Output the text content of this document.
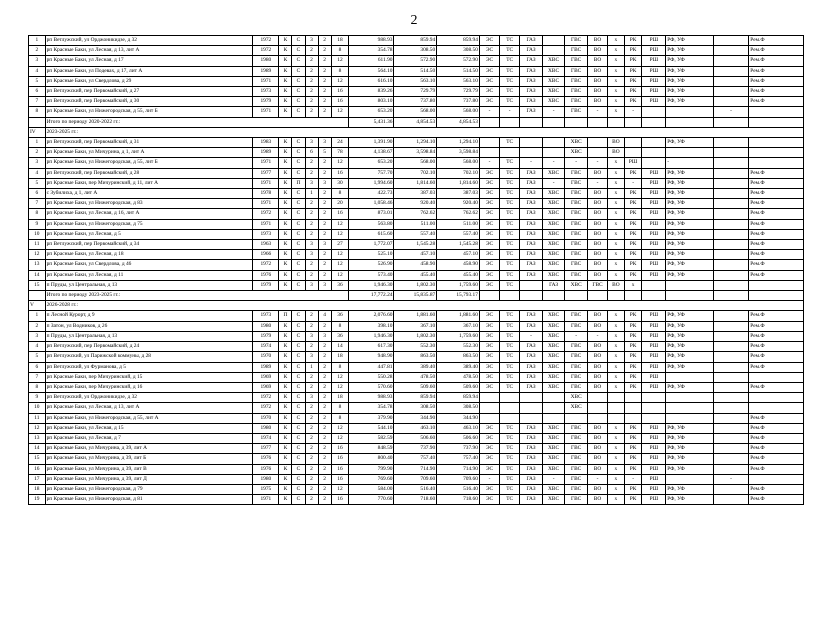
2
1	рп Ветлужский, ул Орджоникидзе, д 32	1972	К	С	3	2	18	988.93	859.94	859.94	ЭС	ТС	ГАЗ		ГВС	ВО	х	РК	РШ	РФ, УФ		Рем.Ф
2	рп Красные Баки, ул Лесная, д 13, лит А	1972	К	С	2	2	8	354.78	308.50	308.50	ЭС	ТС	ГАЗ		ГВС	ВО	х	РК	РШ	РФ, УФ		Рем.Ф
3	рп Красные Баки, ул Лесная, д 17	1980	К	С	2	2	12	611.90	572.90	572.90	ЭС	ТС	ГАЗ	ХВС	ГВС	ВО	х	РК	РШ	РФ, УФ		Рем.Ф
4	рп Красные Баки, ул Подевах, д 17, лит А	1989	К	С	2	2	8	564.10	514.50	514.50	ЭС	ТС	ГАЗ	ХВС	ГВС	ВО	х	РК	РШ	РФ, УФ		Рем.Ф
5	рп Красные Баки, ул Свердлова, д 29	1971	К	С	2	2	12	616.10	563.10	563.10	ЭС	ТС	ГАЗ	ХВС	ГВС	ВО	х	РК	РШ	РФ, УФ		Рем.Ф
6	рп Ветлужский, пер Первомайский, д 27	1973	К	С	2	2	16	839.26	729.79	729.79	ЭС	ТС	ГАЗ	ХВС	ГВС	ВО	х	РК	РШ	РФ, УФ		Рем.Ф
7	рп Ветлужский, пер Первомайский, д 30	1979	К	С	2	2	16	803.10	737.80	737.80	ЭС	ТС	ГАЗ	ХВС	ГВС	ВО	х	РК	РШ	РФ, УФ		Рем.Ф
8	рп Красные Баки, ул Нижегородская, д 55, лит Б	1971	К	С	2	2	12	653.20	568.00	568.00	-	-	ГАЗ	-	ГВС	-	х	-			-	
	Итого по периоду 2020-2022 гг.:							5,431.36	4,854.53	4,854.53												
IV	2023-2025 гг.:																					
1	рп Ветлужский, пер Первомайский, д 31	1983	К	С	3	3	24	1,391.90	1,294.10	1,294.10		ТС			ХВС		ВО			РФ, УФ		
2	рп Красные Баки, ул Мичурина, д 1, лит А	1989	К	С	6	5	78	4,138.67	3,598.84	3,598.84					ХВС		ВО					
3	рп Красные Баки, ул Нижегородская, д 55, лит Б	1971	К	С	2	2	12	653.20	568.00	568.00	-	ТС	-	-	-	-	х	РШ		-		
4	рп Ветлужский, пер Первомайский, д 28	1977	К	С	2	2	16	757.70	702.10	702.10	ЭС	ТС	ГАЗ	ХВС	ГВС	ВО	х	РК	РШ	РФ, УФ		Рем.Ф
5	рп Красные Баки, пер Мичуринский, д 11, лит А	1971	К	П	3	3	30	1,994.60	1,814.60	1,814.60	ЭС	ТС	ГАЗ	-	ГВС	-	х	-	РШ	РФ, УФ		Рем.Ф
6	с Зубилиха, д 1, лит А	1978	К	С	1	2	8	422.73	387.03	387.03	ЭС	ТС	ГАЗ	ХВС	ГВС	ВО	х	РК	РШ	РФ, УФ		Рем.Ф
7	рп Красные Баки, ул Нижегородская, д 83	1971	К	С	2	2	20	1,058.46	920.40	920.40	ЭС	ТС	ГАЗ	ХВС	ГВС	ВО	х	РК	РШ	РФ, УФ		Рем.Ф
8	рп Красные Баки, ул Лесная, д 16, лит А	1972	К	С	2	2	16	873.01	762.62	762.62	ЭС	ТС	ГАЗ	ХВС	ГВС	ВО	х	РК	РШ	РФ, УФ		Рем.Ф
9	рп Красные Баки, ул Нижегородская, д 75	1971	К	С	2	2	12	563.80	511.00	511.00	ЭС	ТС	ГАЗ	ХВС	ГВС	ВО	х	РК	РШ	РФ, УФ		Рем.Ф
10	рп Красные Баки, ул Лесная, д 5	1973	К	С	2	2	12	615.60	557.40	557.40	ЭС	ТС	ГАЗ	ХВС	ГВС	ВО	х	РК	РШ	РФ, УФ		Рем.Ф
11	рп Ветлужский, пер Первомайский, д 34	1963	К	С	3	3	27	1,772.07	1,545.28	1,545.28	ЭС	ТС	ГАЗ	ХВС	ГВС	ВО	х	РК	РШ	РФ, УФ		Рем.Ф
12	рп Красные Баки, ул Лесная, д 18	1966	К	С	3	2	12	525.10	457.10	457.10	ЭС	ТС	ГАЗ	ХВС	ГВС	ВО	х	РК	РШ	РФ, УФ		Рем.Ф
13	рп Красные Баки, ул Свердлова, д 46	1972	К	С	2	2	12	526.90	458.90	458.90	ЭС	ТС	ГАЗ	ХВС	ГВС	ВО	х	РК	РШ	РФ, УФ		Рем.Ф
14	рп Красные Баки, ул Лесная, д 11	1976	К	С	2	2	12	573.40	455.40	455.40	ЭС	ТС	ГАЗ	ХВС	ГВС	ВО	х	РК	РШ	РФ, УФ		Рем.Ф
15	п Пруды, ул Центральная, д 13	1979	К	С	3	3	36	1,946.30	1,802.30	1,759.60	ЭС	ТС		ГАЗ	ХВС	ГВС	ВО	х				
	Итого по периоду 2023-2025 гг.:							17,772.24	15,835.87	15,793.17												
V	2026-2028 гг.:																					
1	п Лесной Курорт, д 9	1973	П	С	2	4	36	2,076.60	1,881.60	1,881.60	ЭС	ТС	ГАЗ	ХВС	ГВС	ВО	х	РК	РШ	РФ, УФ		Рем.Ф
2	п Затон, ул Водников, д 26	1980	К	С	2	2	8	398.10	367.10	367.10	ЭС	ТС	ГАЗ	ХВС	ГВС	ВО	х	РК	РШ	РФ, УФ		Рем.Ф
3	п Пруды, ул Центральная, д 13	1979	К	С	3	3	36	1,946.30	1,802.30	1,759.60	ЭС	ТС	-	ХВС	-	-	х	РК	РШ	РФ, УФ		Рем.Ф
4	рп Ветлужский, пер Первомайский, д 24	1974	К	С	2	2	14	617.30	552.30	552.30	ЭС	ТС	ГАЗ	ХВС	ГВС	ВО	х	РК	РШ	РФ, УФ		Рем.Ф
5	рп Ветлужский, ул Парижской коммуны, д 28	1970	К	С	3	2	18	948.90	863.50	863.50	ЭС	ТС	ГАЗ	ХВС	ГВС	ВО	х	РК	РШ	РФ, УФ		Рем.Ф
6	рп Ветлужский, ул Фурманова, д 5	1989	К	С	1	2	8	447.81	389.40	389.40	ЭС	ТС	ГАЗ	ХВС	ГВС	ВО	х	РК	РШ	РФ, УФ		Рем.Ф
7	рп Красные Баки, пер Мичуринский, д 15	1969	К	С	2	2	12	550.28	478.50	478.50	ЭС	ТС	ГАЗ	ХВС	ГВС	ВО	х	РК	РШ			
8	рп Красные Баки, пер Мичуринский, д 16	1969	К	С	2	2	12	570.60	509.60	509.60	ЭС	ТС	ГАЗ	ХВС	ГВС	ВО	х	РК	РШ	РФ, УФ		Рем.Ф
9	рп Ветлужский, ул Орджоникидзе, д 32	1972	К	С	3	2	18	988.93	859.94	859.94					ХВС							
10	рп Красные Баки, ул Лесная, д 13, лит А	1972	К	С	2	2	8	354.78	308.50	308.50					ХВС							
11	рп Красные Баки, ул Нижегородская, д 55, лит А	1970	К	С	2	2	8	379.90	344.90	344.90												Рем.Ф
12	рп Красные Баки, ул Лесная, д 15	1980	К	С	2	2	12	544.10	463.10	463.10	ЭС	ТС	ГАЗ	ХВС	ГВС	ВО	х	РК	РШ	РФ, УФ		Рем.Ф
13	рп Красные Баки, ул Лесная, д 7	1974	К	С	2	2	12	582.59	506.60	506.60	ЭС	ТС	ГАЗ	ХВС	ГВС	ВО	х	РК	РШ	РФ, УФ		Рем.Ф
14	рп Красные Баки, ул Мичурина, д 39, лит А	1977	К	С	2	2	16	848.59	737.90	737.90	ЭС	ТС	ГАЗ	ХВС	ГВС	ВО	х	РК	РШ	РФ, УФ		Рем.Ф
15	рп Красные Баки, ул Мичурина, д 39, лит Б	1976	К	С	2	2	16	800.40	757.40	757.40	ЭС	ТС	ГАЗ	ХВС	ГВС	ВО	х	РК	РШ	РФ, УФ		Рем.Ф
16	рп Красные Баки, ул Мичурина, д 39, лит В	1976	К	С	2	2	16	799.90	714.90	714.90	ЭС	ТС	ГАЗ	ХВС	ГВС	ВО	х	РК	РШ	РФ, УФ		Рем.Ф
17	рп Красные Баки, ул Мичурина, д 39, лит Д	1980	К	С	2	2	16	769.60	709.60	709.60	-	ТС	ГАЗ	-	ГВС	-	х	-	РШ		-	
18	рп Красные Баки, ул Нижегородская, д 79	1975	К	С	2	2	12	584.00	516.40	516.40	ЭС	ТС	ГАЗ	ХВС	ГВС	ВО	х	РК	РШ	РФ, УФ		Рем.Ф
19	рп Красные Баки, ул Нижегородская, д 81	1971	К	С	2	2	16	770.60	718.60	718.60	ЭС	ТС	ГАЗ	ХВС	ГВС	ВО	х	РК	РШ	РФ, УФ		Рем.Ф
